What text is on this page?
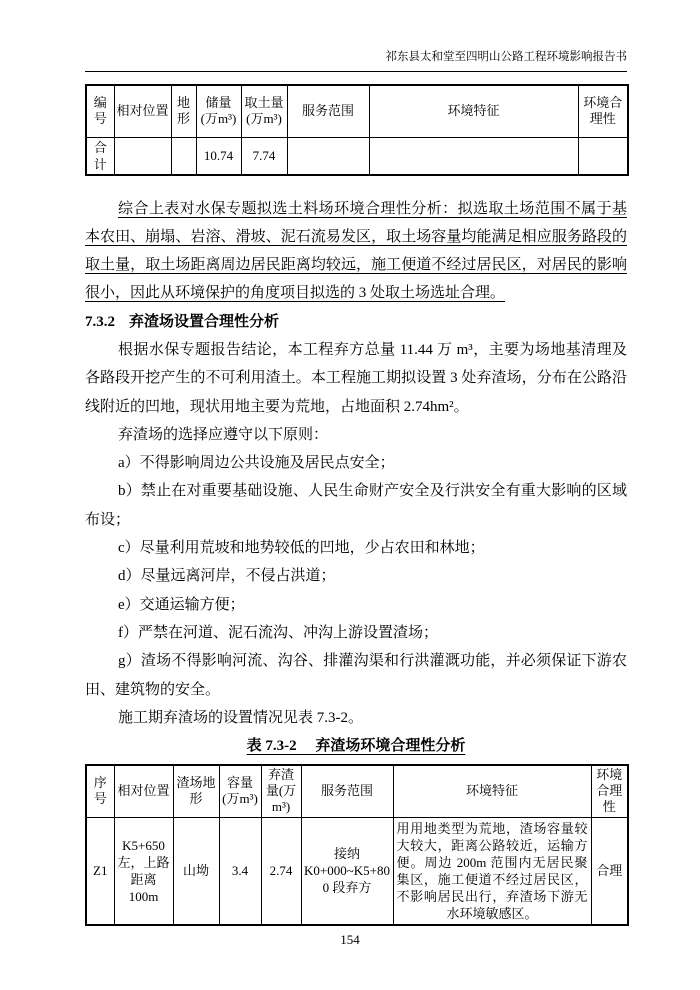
祁东县太和堂至四明山公路工程环境影响报告书
编号	相对位置	地形	储量(万m³)	取土量(万m³)	服务范围	环境特征	环境合理性
合计			10.74	7.74			

综合上表对水保专题拟选土料场环境合理性分析：拟选取土场范围不属于基本农田、崩塌、岩溶、滑坡、泥石流易发区，取土场容量均能满足相应服务路段的取土量，取土场距离周边居民距离均较远，施工便道不经过居民区，对居民的影响很小，因此从环境保护的角度项目拟选的 3 处取土场选址合理。

7.3.2 弃渣场设置合理性分析

根据水保专题报告结论，本工程弃方总量 11.44 万 m³，主要为场地基清理及各路段开挖产生的不可利用渣土。本工程施工期拟设置 3 处弃渣场，分布在公路沿线附近的凹地，现状用地主要为荒地，占地面积 2.74hm²。

弃渣场的选择应遵守以下原则：

a）不得影响周边公共设施及居民点安全；

b）禁止在对重要基础设施、人民生命财产安全及行洪安全有重大影响的区域布设；

c）尽量利用荒坡和地势较低的凹地，少占农田和林地；

d）尽量远离河岸，不侵占洪道；

e）交通运输方便；

f）严禁在河道、泥石流沟、冲沟上游设置渣场；

g）渣场不得影响河流、沟谷、排灌沟渠和行洪灌溉功能，并必须保证下游农田、建筑物的安全。

施工期弃渣场的设置情况见表 7.3-2。

表 7.3-2　 弃渣场环境合理性分析

序号	相对位置	渣场地形	容量(万m³)	弃渣量(万m³)	服务范围	环境特征	环境合理性
Z1	K5+650
左，上路
距离
100m	山坳	3.4	2.74	接纳
K0+000~K5+80
0 段弃方	用用地类型为荒地，渣场容量较大较大，距离公路较近，运输方便。周边 200m 范围内无居民聚集区，施工便道不经过居民区，不影响居民出行，弃渣场下游无水环境敏感区。	合理
154
